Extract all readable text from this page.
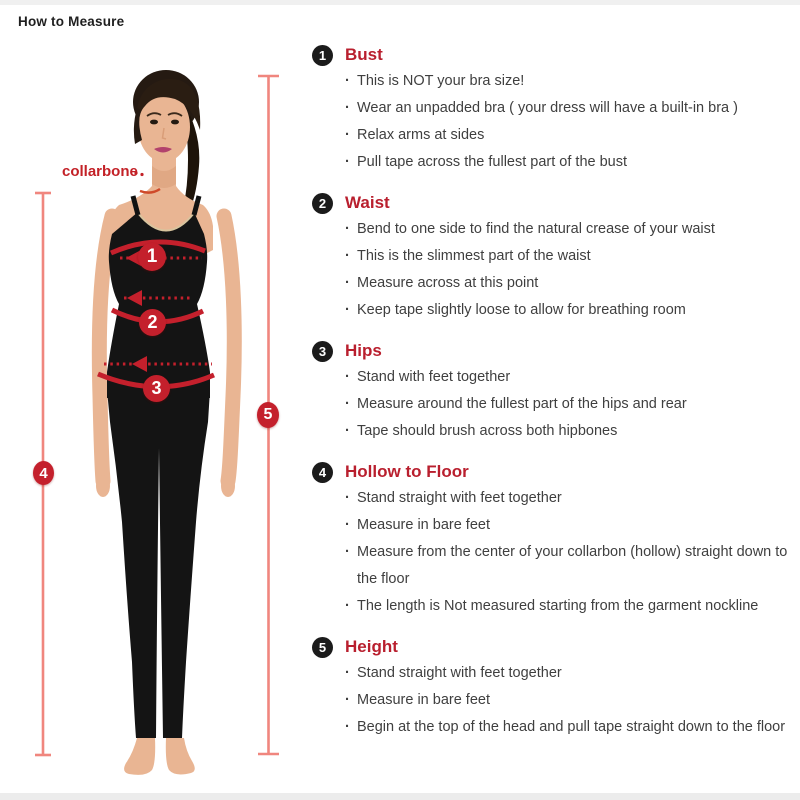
How to Measure
collarbone
1
2
3
4
5
1	Bust
· This is NOT your bra size!
· Wear an unpadded bra ( your dress will have a built-in bra )
· Relax arms at sides
· Pull tape across the fullest part of the bust
2	Waist
· Bend to one side to find the natural crease of your waist
· This is the slimmest part of the waist
· Measure across at this point
· Keep tape slightly loose to allow for breathing room
3	Hips
· Stand with feet together
· Measure around the fullest part of the hips and rear
· Tape should brush across both hipbones
4	Hollow to Floor
· Stand straight with feet together
· Measure in bare feet
· Measure from the center of your collarbon (hollow) straight down to the floor
· The length is Not measured starting from the garment nockline
5	Height
· Stand straight with feet together
· Measure in bare feet
· Begin at the top of the head and pull tape straight down to the floor
